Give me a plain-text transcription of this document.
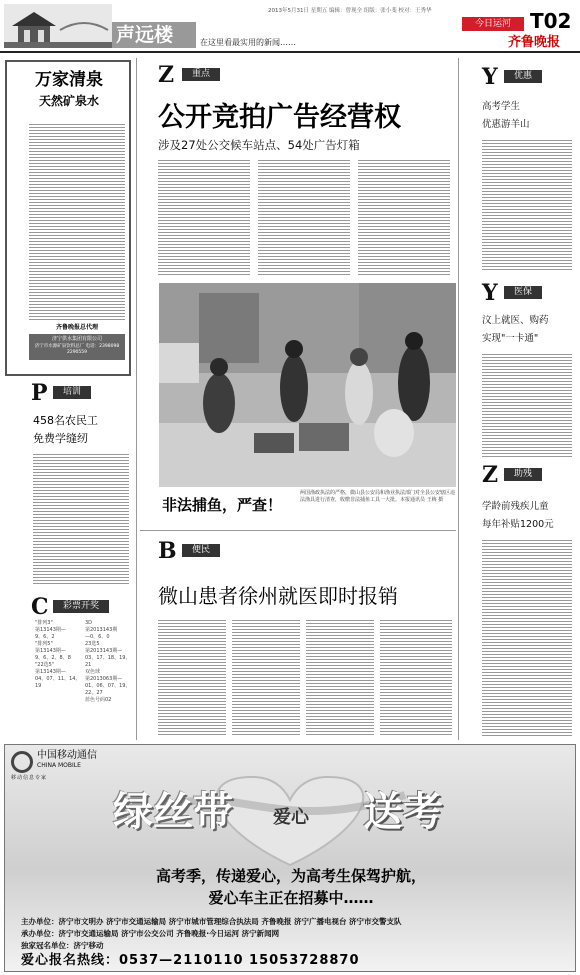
声远楼	在这里看最实用的新闻……
2013年5月31日 星期五 编辑：曾现全 组版：张小斐 校对：王秀华
今日运河 T02
齐鲁晚报
万家清泉
天然矿泉水
齐鲁晚报总代理
济宁供水集团有限公司
济宁市水源矿泉饮料总厂 电话：2398098 2290559
P	培训
458名农民工
免费学缝纫
C	彩票开奖
"排列3"
第13143期—
9、6、2
"排列5"
第13143期—
9、6、2、8、8
"22选5"
第13143期—
04、07、11、14、19
3D
第2013143期
—0、6、0
23选5
第2013143期—
03、17、18、19、21
双色球
第2013063期—01、06、07、19、22、27
蓝色号码02
Z	重点
公开竞拍广告经营权
涉及27处公交候车站点、54处广告灯箱
非法捕鱼，严查！
两国渔政执法的严格，微山县公安局和渔业执法部门对全县公安辖区违法渔具进行清查，收缴非法捕鱼工具一大批。本报通讯员 王梅 摄
B	便民
微山患者徐州就医即时报销
Y	优惠
高考学生
优惠游羊山
Y	医保
汶上就医、购药
实现"一卡通"
Z	助残
学龄前残疾儿童
每年补贴1200元
中国移动通信
CHINA MOBILE
移动信息专家
绿丝带 爱心 送考
高考季，传递爱心，为高考生保驾护航，
爱心车主正在招募中……
主办单位：济宁市文明办 济宁市交通运输局 济宁市城市管理综合执法局 齐鲁晚报 济宁广播电视台 济宁市交警支队
承办单位：济宁市交通运输局 济宁市公交公司 齐鲁晚报·今日运河 济宁新闻网
独家冠名单位：济宁移动
爱心报名热线：0537—2110110 15053728870
